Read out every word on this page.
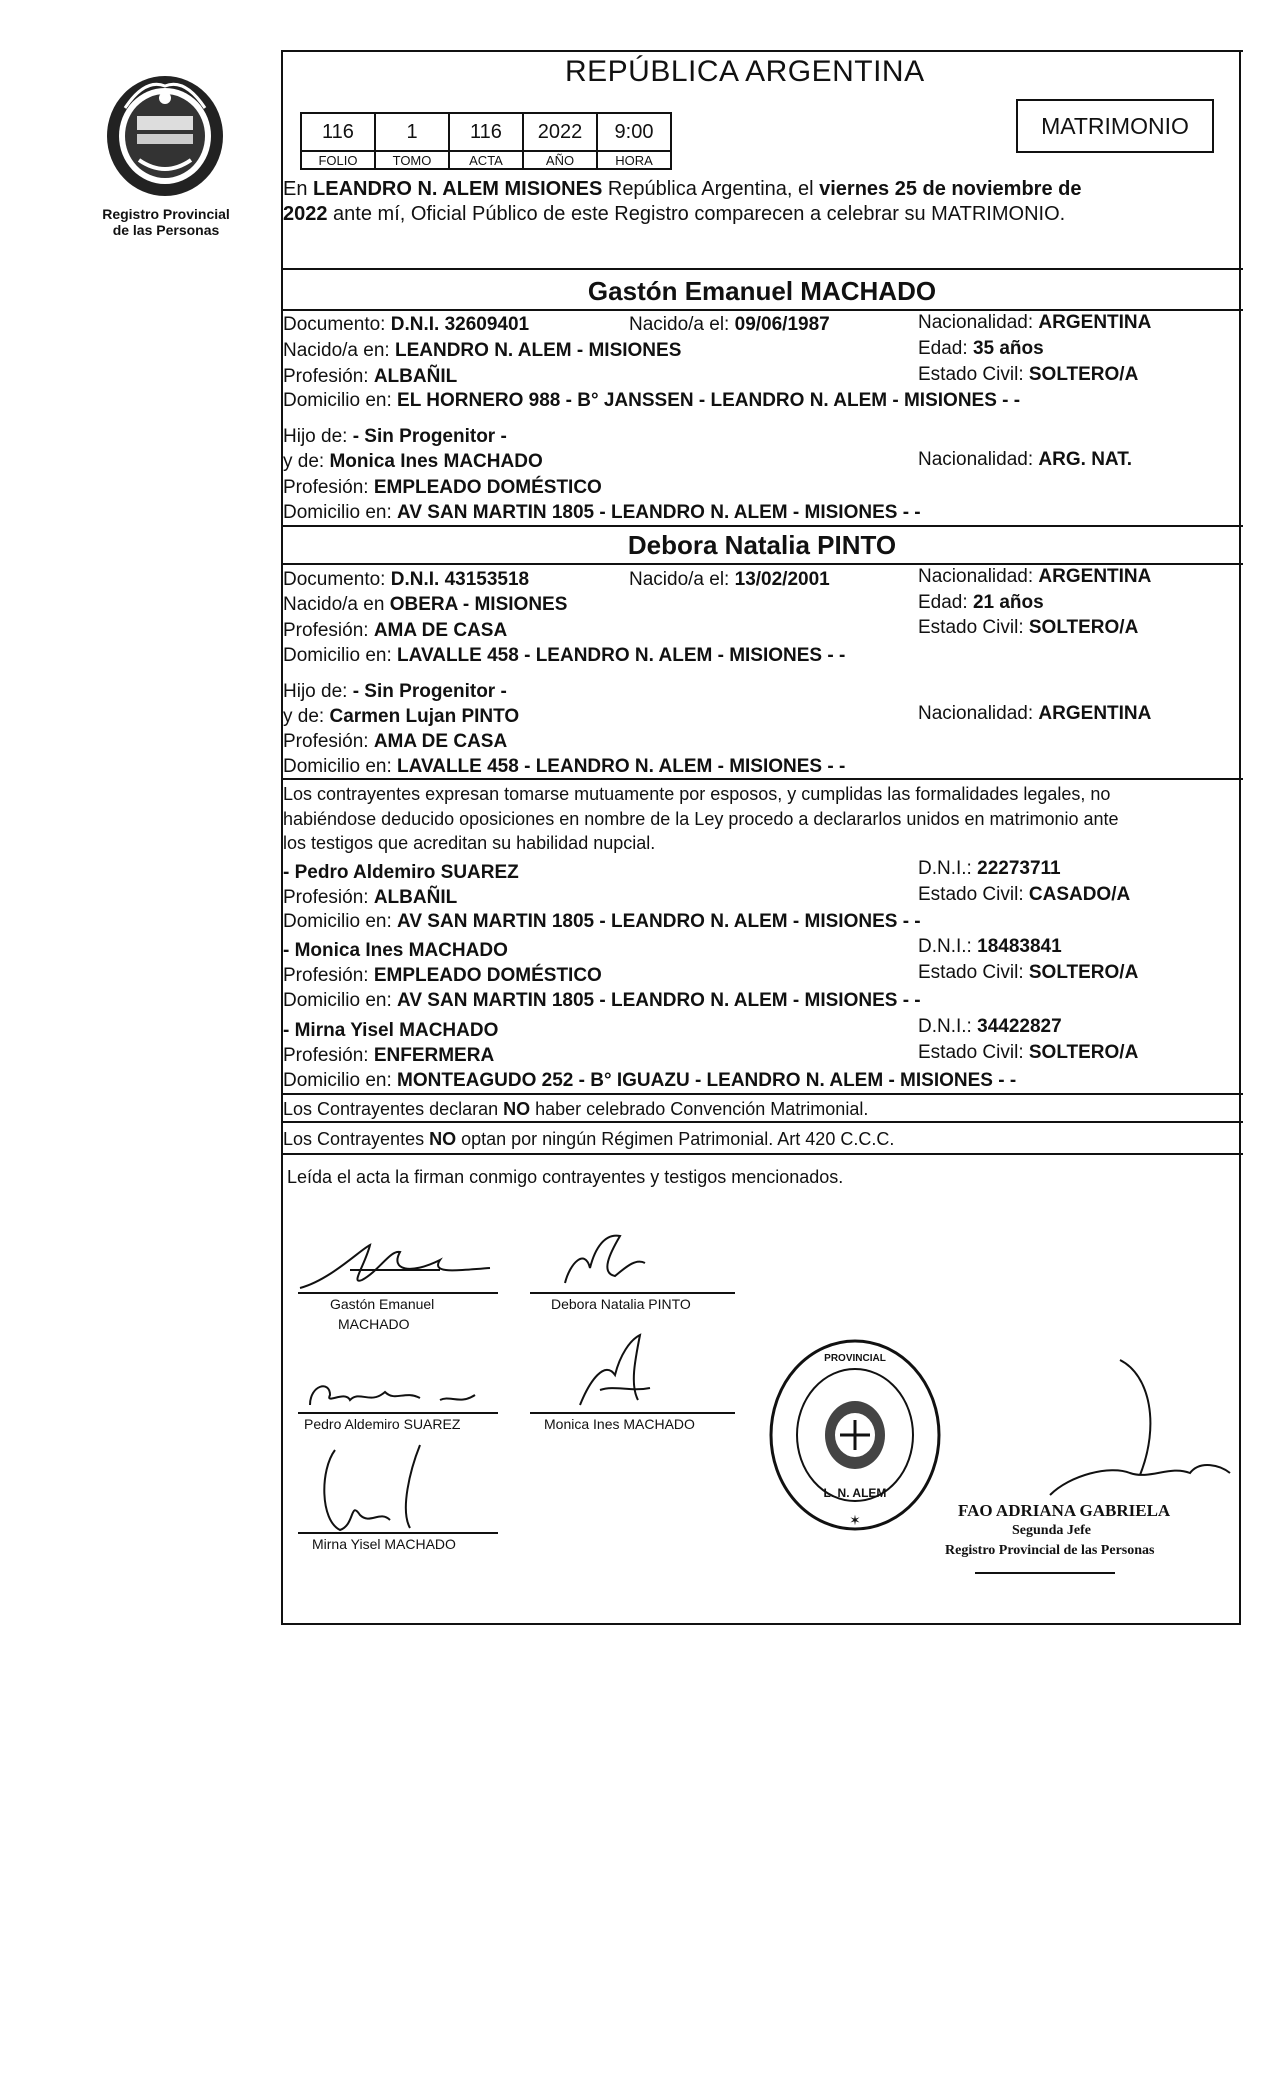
Registro Provincial
de las Personas
REPÚBLICA ARGENTINA
116	1	116	2022	9:00
FOLIO	TOMO	ACTA	AÑO	HORA
MATRIMONIO
En LEANDRO N. ALEM MISIONES República Argentina, el viernes 25 de noviembre de
2022 ante mí, Oficial Público de este Registro comparecen a celebrar su MATRIMONIO.
Gastón Emanuel MACHADO
Documento: D.N.I. 32609401	Nacido/a el: 09/06/1987	Nacionalidad: ARGENTINA
Nacido/a en: LEANDRO N. ALEM - MISIONES	Edad: 35 años
Profesión: ALBAÑIL	Estado Civil: SOLTERO/A
Domicilio en: EL HORNERO 988 - B° JANSSEN - LEANDRO N. ALEM - MISIONES - -
Hijo de: - Sin Progenitor -
y de: Monica Ines MACHADO	Nacionalidad: ARG. NAT.
Profesión: EMPLEADO DOMÉSTICO
Domicilio en: AV SAN MARTIN 1805 - LEANDRO N. ALEM - MISIONES - -
Debora Natalia PINTO
Documento: D.N.I. 43153518	Nacido/a el: 13/02/2001	Nacionalidad: ARGENTINA
Nacido/a en OBERA - MISIONES	Edad: 21 años
Profesión: AMA DE CASA	Estado Civil: SOLTERO/A
Domicilio en: LAVALLE 458 - LEANDRO N. ALEM - MISIONES - -
Hijo de: - Sin Progenitor -
y de: Carmen Lujan PINTO	Nacionalidad: ARGENTINA
Profesión: AMA DE CASA
Domicilio en: LAVALLE 458 - LEANDRO N. ALEM - MISIONES - -
Los contrayentes expresan tomarse mutuamente por esposos, y cumplidas las formalidades legales, no
habiéndose deducido oposiciones en nombre de la Ley procedo a declararlos unidos en matrimonio ante
los testigos que acreditan su habilidad nupcial.
- Pedro Aldemiro SUAREZ	D.N.I.: 22273711
Profesión: ALBAÑIL	Estado Civil: CASADO/A
Domicilio en: AV SAN MARTIN 1805 - LEANDRO N. ALEM - MISIONES - -
- Monica Ines MACHADO	D.N.I.: 18483841
Profesión: EMPLEADO DOMÉSTICO	Estado Civil: SOLTERO/A
Domicilio en: AV SAN MARTIN 1805 - LEANDRO N. ALEM - MISIONES - -
- Mirna Yisel MACHADO	D.N.I.: 34422827
Profesión: ENFERMERA	Estado Civil: SOLTERO/A
Domicilio en: MONTEAGUDO 252 - B° IGUAZU - LEANDRO N. ALEM - MISIONES - -
Los Contrayentes declaran NO haber celebrado Convención Matrimonial.
Los Contrayentes NO optan por ningún Régimen Patrimonial. Art 420 C.C.C.
Leída el acta la firman conmigo contrayentes y testigos mencionados.
Gastón Emanuel
MACHADO
Debora Natalia PINTO
Pedro Aldemiro SUAREZ	Monica Ines MACHADO
Mirna Yisel MACHADO
L. N. ALEM
PROVINCIAL
✶	FAO ADRIANA GABRIELA
Segunda Jefe
Registro Provincial de las Personas
